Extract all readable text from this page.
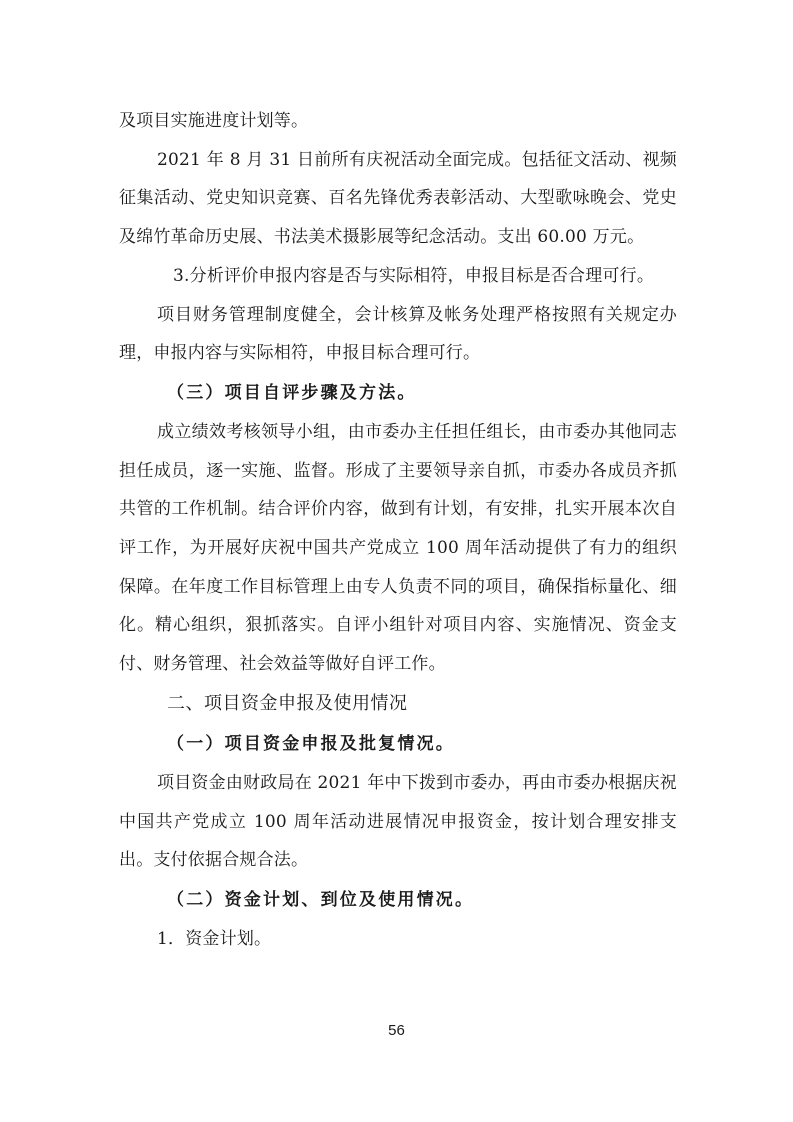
及项目实施进度计划等。

2021 年 8 月 31 日前所有庆祝活动全面完成。包括征文活动、视频征集活动、党史知识竞赛、百名先锋优秀表彰活动、大型歌咏晚会、党史及绵竹革命历史展、书法美术摄影展等纪念活动。支出 60.00 万元。

3.分析评价申报内容是否与实际相符，申报目标是否合理可行。

项目财务管理制度健全，会计核算及帐务处理严格按照有关规定办理，申报内容与实际相符，申报目标合理可行。

（三）项目自评步骤及方法。

成立绩效考核领导小组，由市委办主任担任组长，由市委办其他同志担任成员，逐一实施、监督。形成了主要领导亲自抓，市委办各成员齐抓共管的工作机制。结合评价内容，做到有计划，有安排，扎实开展本次自评工作，为开展好庆祝中国共产党成立 100 周年活动提供了有力的组织保障。在年度工作目标管理上由专人负责不同的项目，确保指标量化、细化。精心组织，狠抓落实。自评小组针对项目内容、实施情况、资金支付、财务管理、社会效益等做好自评工作。

二、项目资金申报及使用情况

（一）项目资金申报及批复情况。

项目资金由财政局在 2021 年中下拨到市委办，再由市委办根据庆祝中国共产党成立 100 周年活动进展情况申报资金，按计划合理安排支出。支付依据合规合法。

（二）资金计划、到位及使用情况。

1．资金计划。

56
